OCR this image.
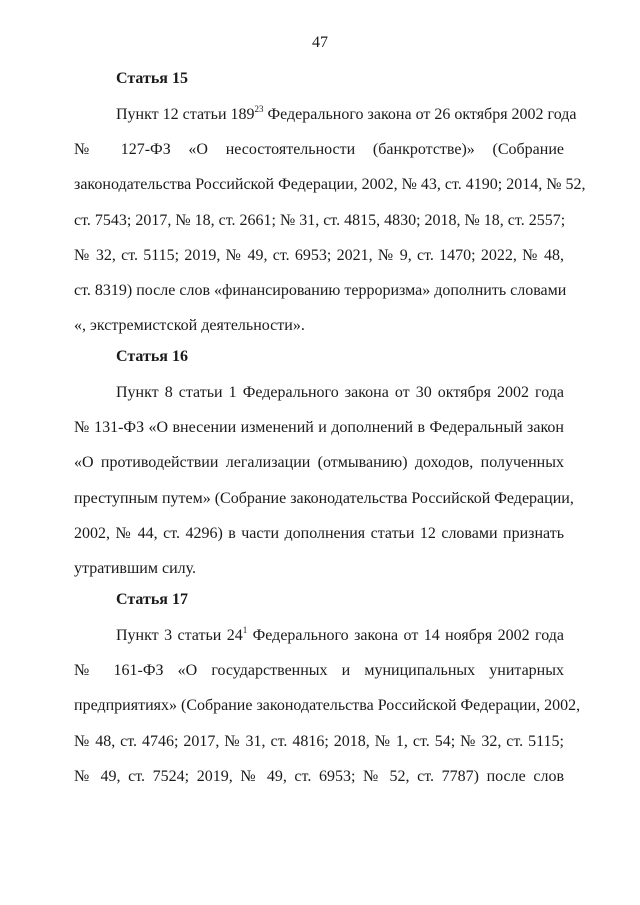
47
Статья 15
Пункт 12 статьи $189^{23}$ Федерального закона от 26 октября 2002 года
№ 127-ФЗ «О несостоятельности (банкротстве)» (Собрание
законодательства Российской Федерации, 2002, № 43, ст. 4190; 2014, № 52,
ст. 7543; 2017, № 18, ст. 2661; № 31, ст. 4815, 4830; 2018, № 18, ст. 2557;
№ 32, ст. 5115; 2019, № 49, ст. 6953; 2021, № 9, ст. 1470; 2022, № 48,
ст. 8319) после слов «финансированию терроризма» дополнить словами
«, экстремистской деятельности».
Статья 16
Пункт 8 статьи 1 Федерального закона от 30 октября 2002 года
№ 131-ФЗ «О внесении изменений и дополнений в Федеральный закон
«О противодействии легализации (отмыванию) доходов, полученных
преступным путем» (Собрание законодательства Российской Федерации,
2002, № 44, ст. 4296) в части дополнения статьи 12 словами признать
утратившим силу.
Статья 17
Пункт 3 статьи $24^1$ Федерального закона от 14 ноября 2002 года
№ 161-ФЗ «О государственных и муниципальных унитарных
предприятиях» (Собрание законодательства Российской Федерации, 2002,
№ 48, ст. 4746; 2017, № 31, ст. 4816; 2018, № 1, ст. 54; № 32, ст. 5115;
№ 49, ст. 7524; 2019, № 49, ст. 6953; № 52, ст. 7787) после слов
